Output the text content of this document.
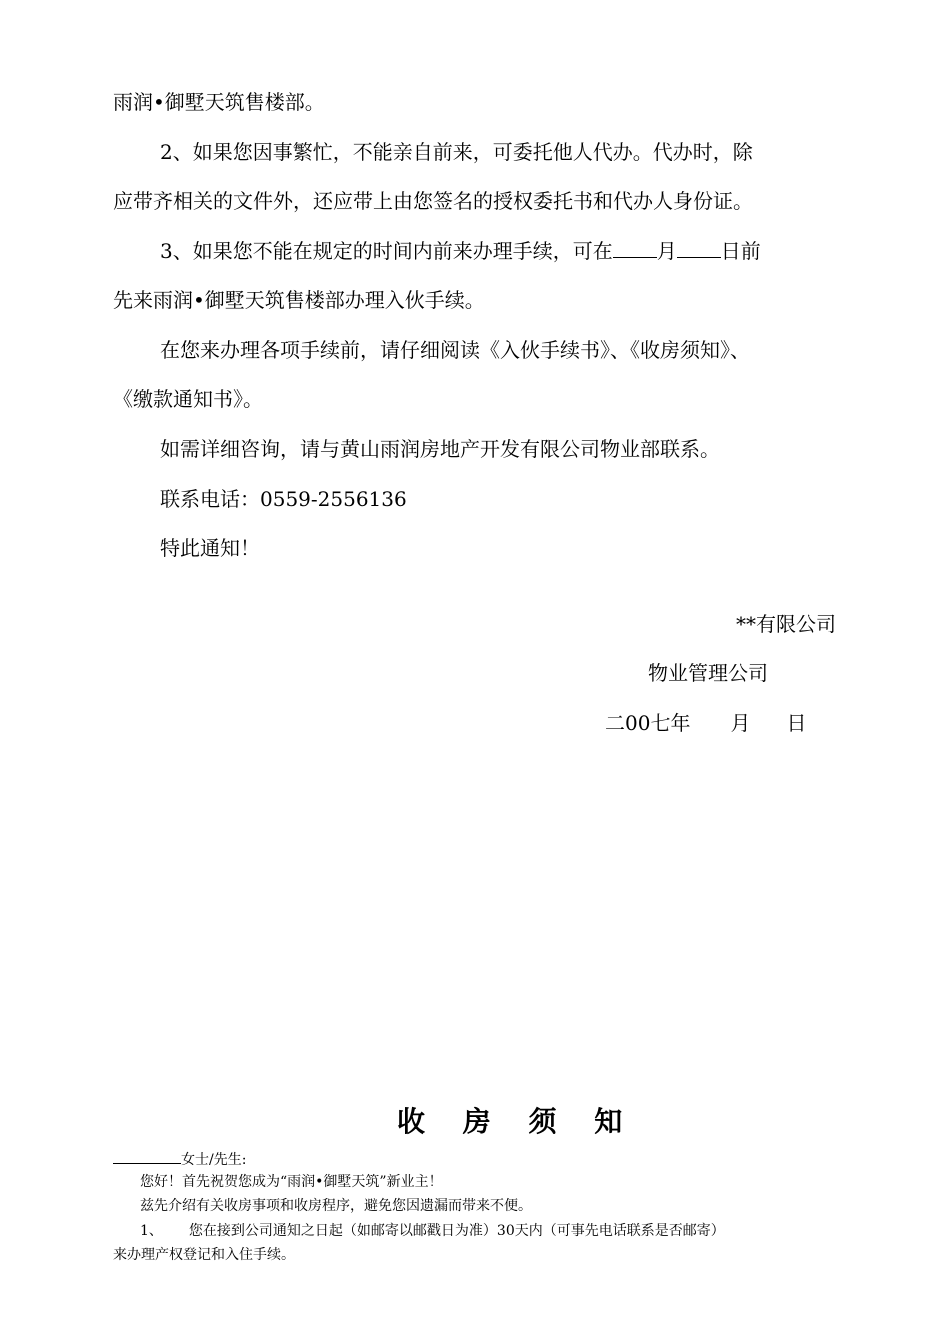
雨润•御墅天筑售楼部。
2、如果您因事繁忙，不能亲自前来，可委托他人代办。代办时，除
应带齐相关的文件外，还应带上由您签名的授权委托书和代办人身份证。
3、如果您不能在规定的时间内前来办理手续，可在 月 日前
先来雨润•御墅天筑售楼部办理入伙手续。
在您来办理各项手续前，请仔细阅读《入伙手续书》、《收房须知》、
《缴款通知书》。
如需详细咨询，请与黄山雨润房地产开发有限公司物业部联系。
联系电话：0559-2556136
特此通知！
**有限公司
物业管理公司
二00七年 月 日
收 房 须 知
女士/先生:
您好！首先祝贺您成为“雨润•御墅天筑”新业主！
兹先介绍有关收房事项和收房程序，避免您因遗漏而带来不便。
1、 您在接到公司通知之日起（如邮寄以邮戳日为准）30天内（可事先电话联系是否邮寄）
来办理产权登记和入住手续。
